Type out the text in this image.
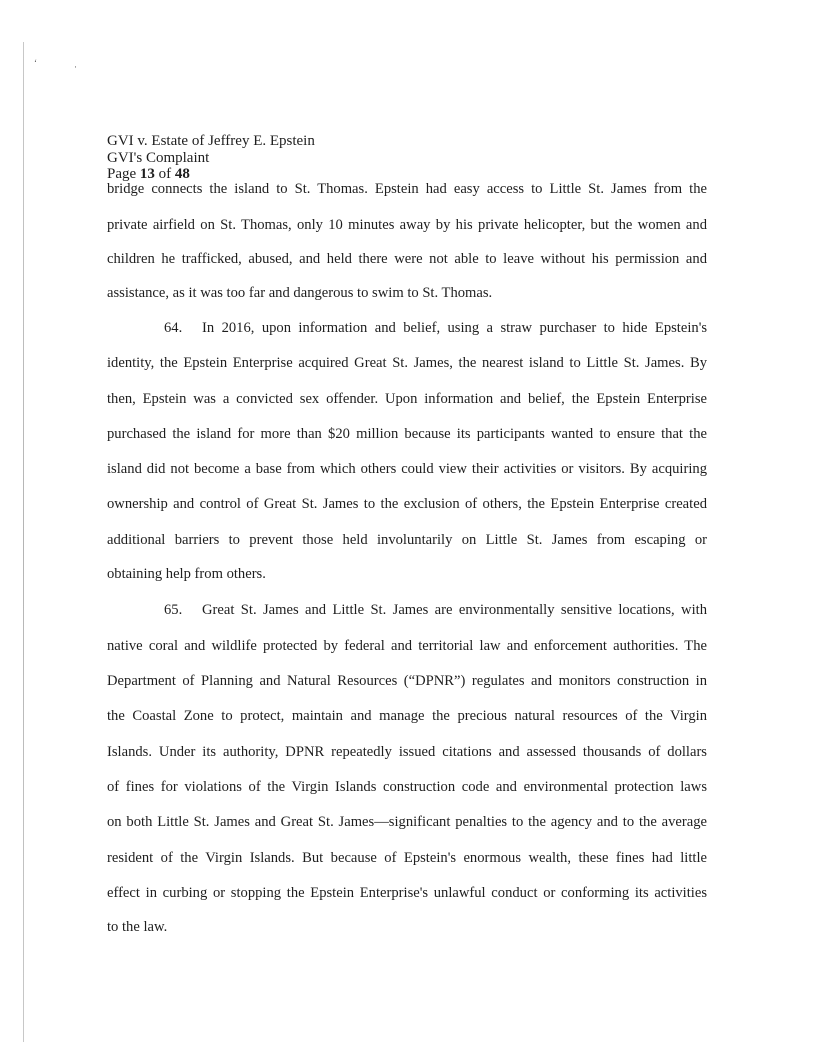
‘	·
GVI v. Estate of Jeffrey E. Epstein
GVI's Complaint
Page 13 of 48
bridge connects the island to St. Thomas. Epstein had easy access to Little St. James from the
private airfield on St. Thomas, only 10 minutes away by his private helicopter, but the women and
children he trafficked, abused, and held there were not able to leave without his permission and
assistance, as it was too far and dangerous to swim to St. Thomas.
64. In 2016, upon information and belief, using a straw purchaser to hide Epstein's
identity, the Epstein Enterprise acquired Great St. James, the nearest island to Little St. James. By
then, Epstein was a convicted sex offender. Upon information and belief, the Epstein Enterprise
purchased the island for more than $20 million because its participants wanted to ensure that the
island did not become a base from which others could view their activities or visitors. By acquiring
ownership and control of Great St. James to the exclusion of others, the Epstein Enterprise created
additional barriers to prevent those held involuntarily on Little St. James from escaping or
obtaining help from others.
65. Great St. James and Little St. James are environmentally sensitive locations, with
native coral and wildlife protected by federal and territorial law and enforcement authorities. The
Department of Planning and Natural Resources (“DPNR”) regulates and monitors construction in
the Coastal Zone to protect, maintain and manage the precious natural resources of the Virgin
Islands. Under its authority, DPNR repeatedly issued citations and assessed thousands of dollars
of fines for violations of the Virgin Islands construction code and environmental protection laws
on both Little St. James and Great St. James—significant penalties to the agency and to the average
resident of the Virgin Islands. But because of Epstein's enormous wealth, these fines had little
effect in curbing or stopping the Epstein Enterprise's unlawful conduct or conforming its activities
to the law.
